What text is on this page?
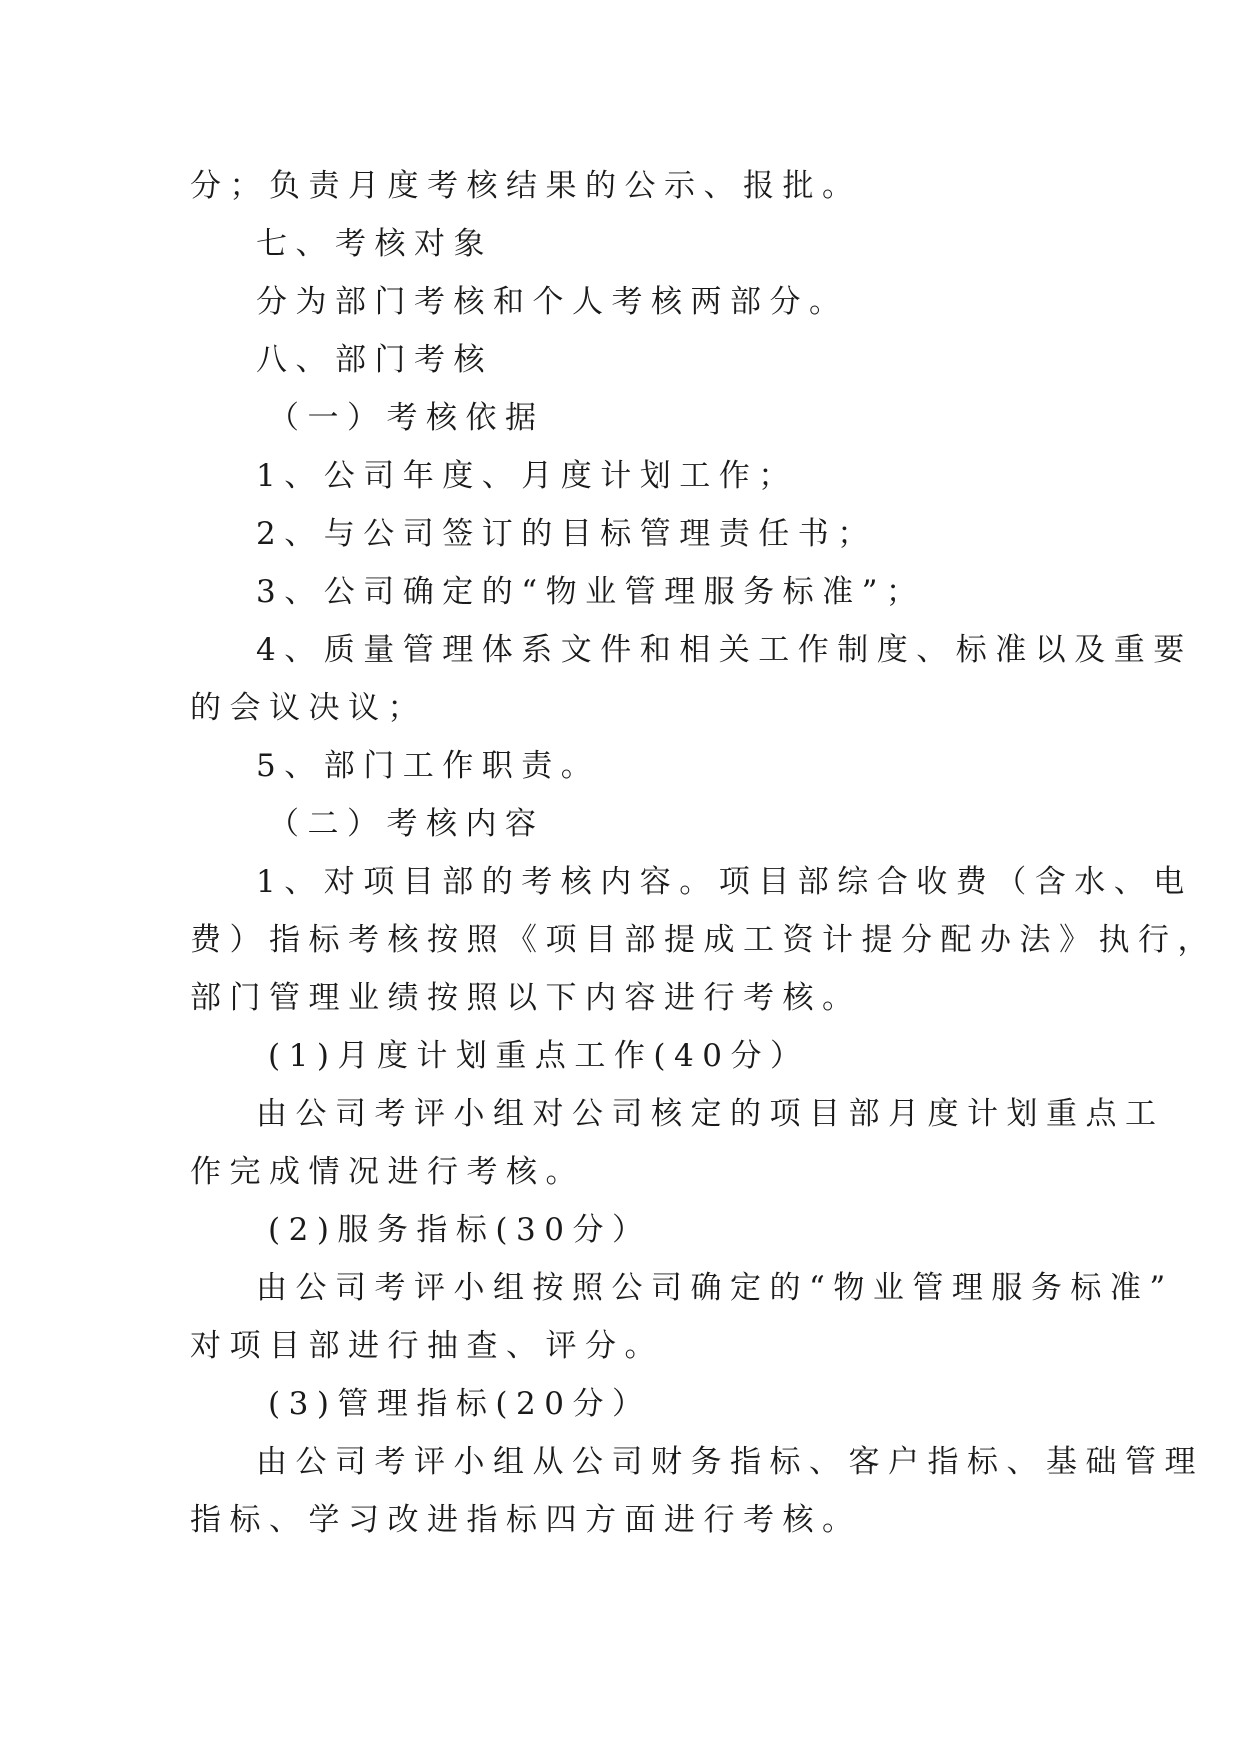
分；负责月度考核结果的公示、报批。
七、考核对象
分为部门考核和个人考核两部分。
八、部门考核
（一）考核依据
1、公司年度、月度计划工作；
2、与公司签订的目标管理责任书；
3、公司确定的“物业管理服务标准”；
4、质量管理体系文件和相关工作制度、标准以及重要
的会议决议；
5、部门工作职责。
（二）考核内容
1、对项目部的考核内容。项目部综合收费（含水、电
费）指标考核按照《项目部提成工资计提分配办法》执行，
部门管理业绩按照以下内容进行考核。
(1)月度计划重点工作(40分）
由公司考评小组对公司核定的项目部月度计划重点工
作完成情况进行考核。
(2)服务指标(30分）
由公司考评小组按照公司确定的“物业管理服务标准”
对项目部进行抽查、评分。
(3)管理指标(20分）
由公司考评小组从公司财务指标、客户指标、基础管理
指标、学习改进指标四方面进行考核。
